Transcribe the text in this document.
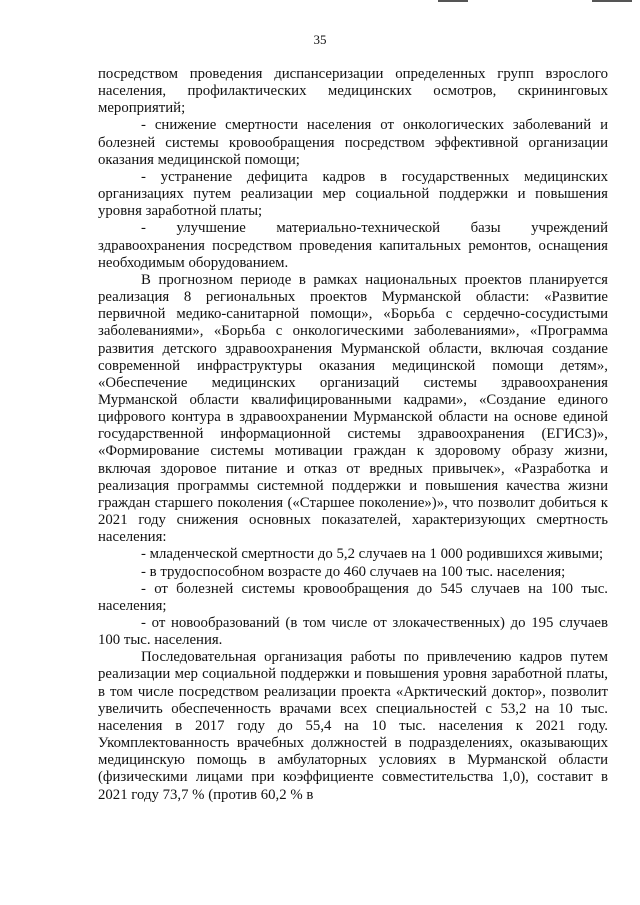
35

посредством проведения диспансеризации определенных групп взрослого населения, профилактических медицинских осмотров, скрининговых мероприятий;

- снижение смертности населения от онкологических заболеваний и болезней системы кровообращения посредством эффективной организации оказания медицинской помощи;

- устранение дефицита кадров в государственных медицинских организациях путем реализации мер социальной поддержки и повышения уровня заработной платы;

- улучшение материально-технической базы учреждений здравоохранения посредством проведения капитальных ремонтов, оснащения необходимым оборудованием.

В прогнозном периоде в рамках национальных проектов планируется реализация 8 региональных проектов Мурманской области: «Развитие первичной медико-санитарной помощи», «Борьба с сердечно-сосудистыми заболеваниями», «Борьба с онкологическими заболеваниями», «Программа развития детского здравоохранения Мурманской области, включая создание современной инфраструктуры оказания медицинской помощи детям», «Обеспечение медицинских организаций системы здравоохранения Мурманской области квалифицированными кадрами», «Создание единого цифрового контура в здравоохранении Мурманской области на основе единой государственной информационной системы здравоохранения (ЕГИСЗ)», «Формирование системы мотивации граждан к здоровому образу жизни, включая здоровое питание и отказ от вредных привычек», «Разработка и реализация программы системной поддержки и повышения качества жизни граждан старшего поколения («Старшее поколение»)», что позволит добиться к 2021 году снижения основных показателей, характеризующих смертность населения:

- младенческой смертности до 5,2 случаев на 1 000 родившихся живыми;

- в трудоспособном возрасте до 460 случаев на 100 тыс. населения;

- от болезней системы кровообращения до 545 случаев на 100 тыс. населения;

- от новообразований (в том числе от злокачественных) до 195 случаев 100 тыс. населения.

Последовательная организация работы по привлечению кадров путем реализации мер социальной поддержки и повышения уровня заработной платы, в том числе посредством реализации проекта «Арктический доктор», позволит увеличить обеспеченность врачами всех специальностей с 53,2 на 10 тыс. населения в 2017 году до 55,4 на 10 тыс. населения к 2021 году. Укомплектованность врачебных должностей в подразделениях, оказывающих медицинскую помощь в амбулаторных условиях в Мурманской области (физическими лицами при коэффициенте совместительства 1,0), составит в 2021 году 73,7 % (против 60,2 % в
